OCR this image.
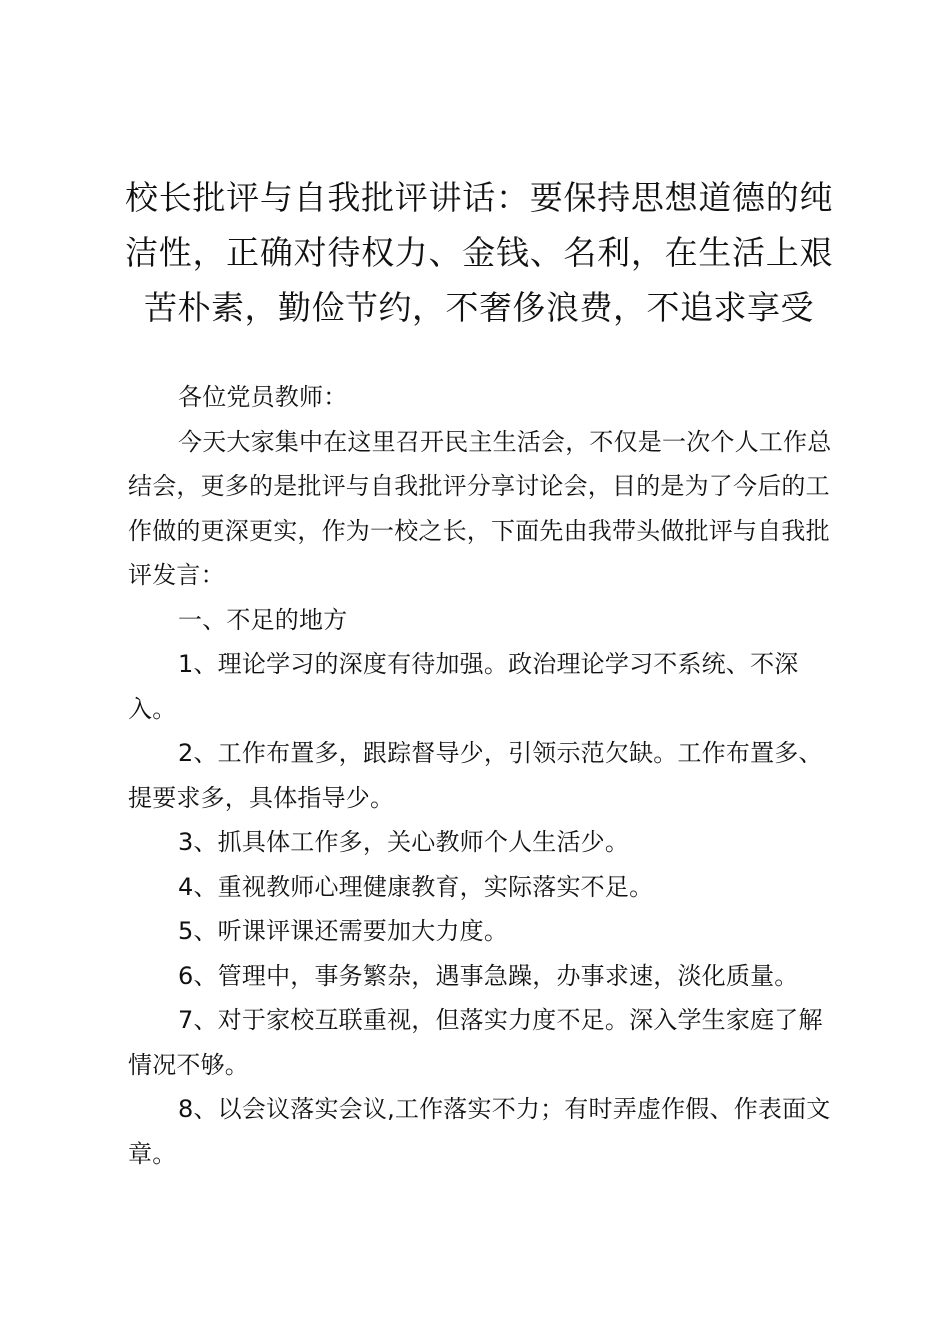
校长批评与自我批评讲话：要保持思想道德的纯洁性，正确对待权力、金钱、名利，在生活上艰苦朴素，勤俭节约，不奢侈浪费，不追求享受

各位党员教师：

今天大家集中在这里召开民主生活会，不仅是一次个人工作总结会，更多的是批评与自我批评分享讨论会，目的是为了今后的工作做的更深更实，作为一校之长，下面先由我带头做批评与自我批评发言：

一、不足的地方

1、理论学习的深度有待加强。政治理论学习不系统、不深入。

2、工作布置多，跟踪督导少，引领示范欠缺。工作布置多、提要求多，具体指导少。

3、抓具体工作多，关心教师个人生活少。

4、重视教师心理健康教育，实际落实不足。

5、听课评课还需要加大力度。

6、管理中，事务繁杂，遇事急躁，办事求速，淡化质量。

7、对于家校互联重视，但落实力度不足。深入学生家庭了解情况不够。

8、以会议落实会议,工作落实不力；有时弄虚作假、作表面文章。
